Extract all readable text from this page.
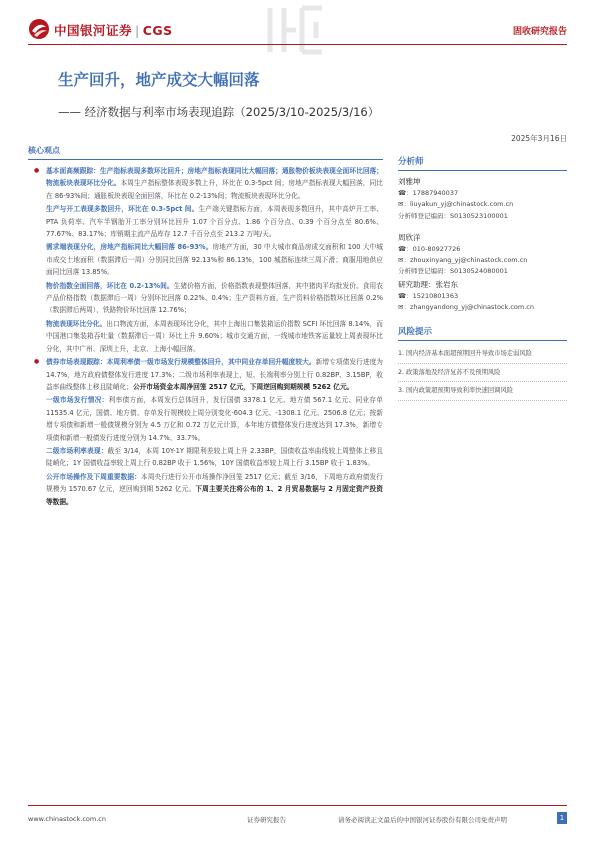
中国银河证券 | CGS	固收研究报告
生产回升，地产成交大幅回落
—— 经济数据与利率市场表现追踪（2025/3/10-2025/3/16）
2025年3月16日
核心观点

● 基本面高频跟踪：生产指标表现多数环比回升；房地产指标表现同比大幅回落；通胀物价板块表现全面环比回落；物流板块表现环比分化。本周生产指标整体表现多数上升，环比在 0.3-5pct 间；房地产指标表现大幅回落，同比在 86-93%间；通胀板块表现全面回落，环比在 0.2-13%间；物流板块表现环比分化。

生产与开工表现多数回升，环比在 0.3-5pct 间。生产端关键指标方面，本周表现多数回升，其中高炉开工率、PTA 负荷率、汽车半钢胎开工率分别环比回升 1.07 个百分点、1.86 个百分点、0.39 个百分点至 80.6%、77.67%、83.17%；库销期主流产品库存 12.7 千百分点至 213.2 万吨/天。

需求端表现分化，房地产指标同比大幅回落 86-93%。房地产方面，30 中大城市商品房成交面积和 100 大中城市成交土地面积（数据滞后一周）分别同比回落 92.13%和 86.13%，100 城指标连续三周下滑；商服用地供应面同比回落 13.85%。

物价指数全面回落，环比在 0.2-13%间。生猪价格方面，价格指数表现整体回落，其中猪肉平均批发价。食用农产品价格指数（数据滞后一周）分别环比回落 0.22%、0.4%；生产资料方面，生产资料价格指数环比回落 0.2%（数据滞后两周），铁路物价环比回落 12.76%；

物流表现环比分化。出口物流方面，本周表现环比分化，其中上海出口集装箱运价指数 SCFI 环比回落 8.14%，而中国港口集装箱吞吐量（数据滞后一周）环比上升 9.60%；城市交通方面，一线城市地铁客运量较上周表现环比分化，其中广州、深圳上升，北京、上海小幅回落。

● 债券市场表现跟踪：本周利率债一级市场发行规模整体回升，其中同业存单回升幅度较大。新增专项债发行进度为 14.7%，地方政府债整体发行进度 17.3%；二级市场利率表现上，短、长端利率分别上行 0.82BP、3.15BP，收益率曲线整体上移且陡峭化；公开市场资金本周净回笼 2517 亿元，下周逆回购到期规模 5262 亿元。

一级市场发行情况：利率债方面，本周发行总体回升，发行国债 3378.1 亿元、地方债 567.1 亿元、同业存单 11535.4 亿元，国债、地方债、存单发行规模较上周分别变化-604.3 亿元、-1308.1 亿元、2506.8 亿元；按新增专项债和新增一般债规模分别为 4.5 万亿和 0.72 万亿元计算，本年地方债整体发行进度达到 17.3%，新增专项债和新增一般债发行进度分别为 14.7%、33.7%。

二级市场利率表现：截至 3/14，本周 10Y-1Y 期限利差较上周上升 2.33BP，国债收益率曲线较上周整体上移且陡峭化；1Y 国债收益率较上周上行 0.82BP 收于 1.56%，10Y 国债收益率较上周上行 3.15BP 收于 1.83%。

公开市场操作及下周重要数据：本周央行进行公开市场操作净回笼 2517 亿元；截至 3/16，下周地方政府债发行规模为 1570.67 亿元，逆回购到期 5262 亿元。下周主要关注将公布的 1、2 月贸易数据与 2 月固定资产投资等数据。

分析师
刘雅坤
☎：17887940037
✉：liuyakun_yj@chinastock.com.cn
分析师登记编码：S0130523100001
周欣洋
☎：010-80927726
✉：zhouxinyang_yj@chinastock.com.cn
分析师登记编码：S0130524080001
研究助理：张岩东
☎：15210801363
✉：zhangyandong_yj@chinastock.com.cn
风险提示
1. 国内经济基本面超预期回升导致市场走弱风险
2. 政策落地及经济复苏不及预期风险
3. 国内政策超预期导致利率快速回调风险
www.chinastock.com.cn	证券研究报告	请务必阅读正文最后的中国银河证券股份有限公司免责声明	1
